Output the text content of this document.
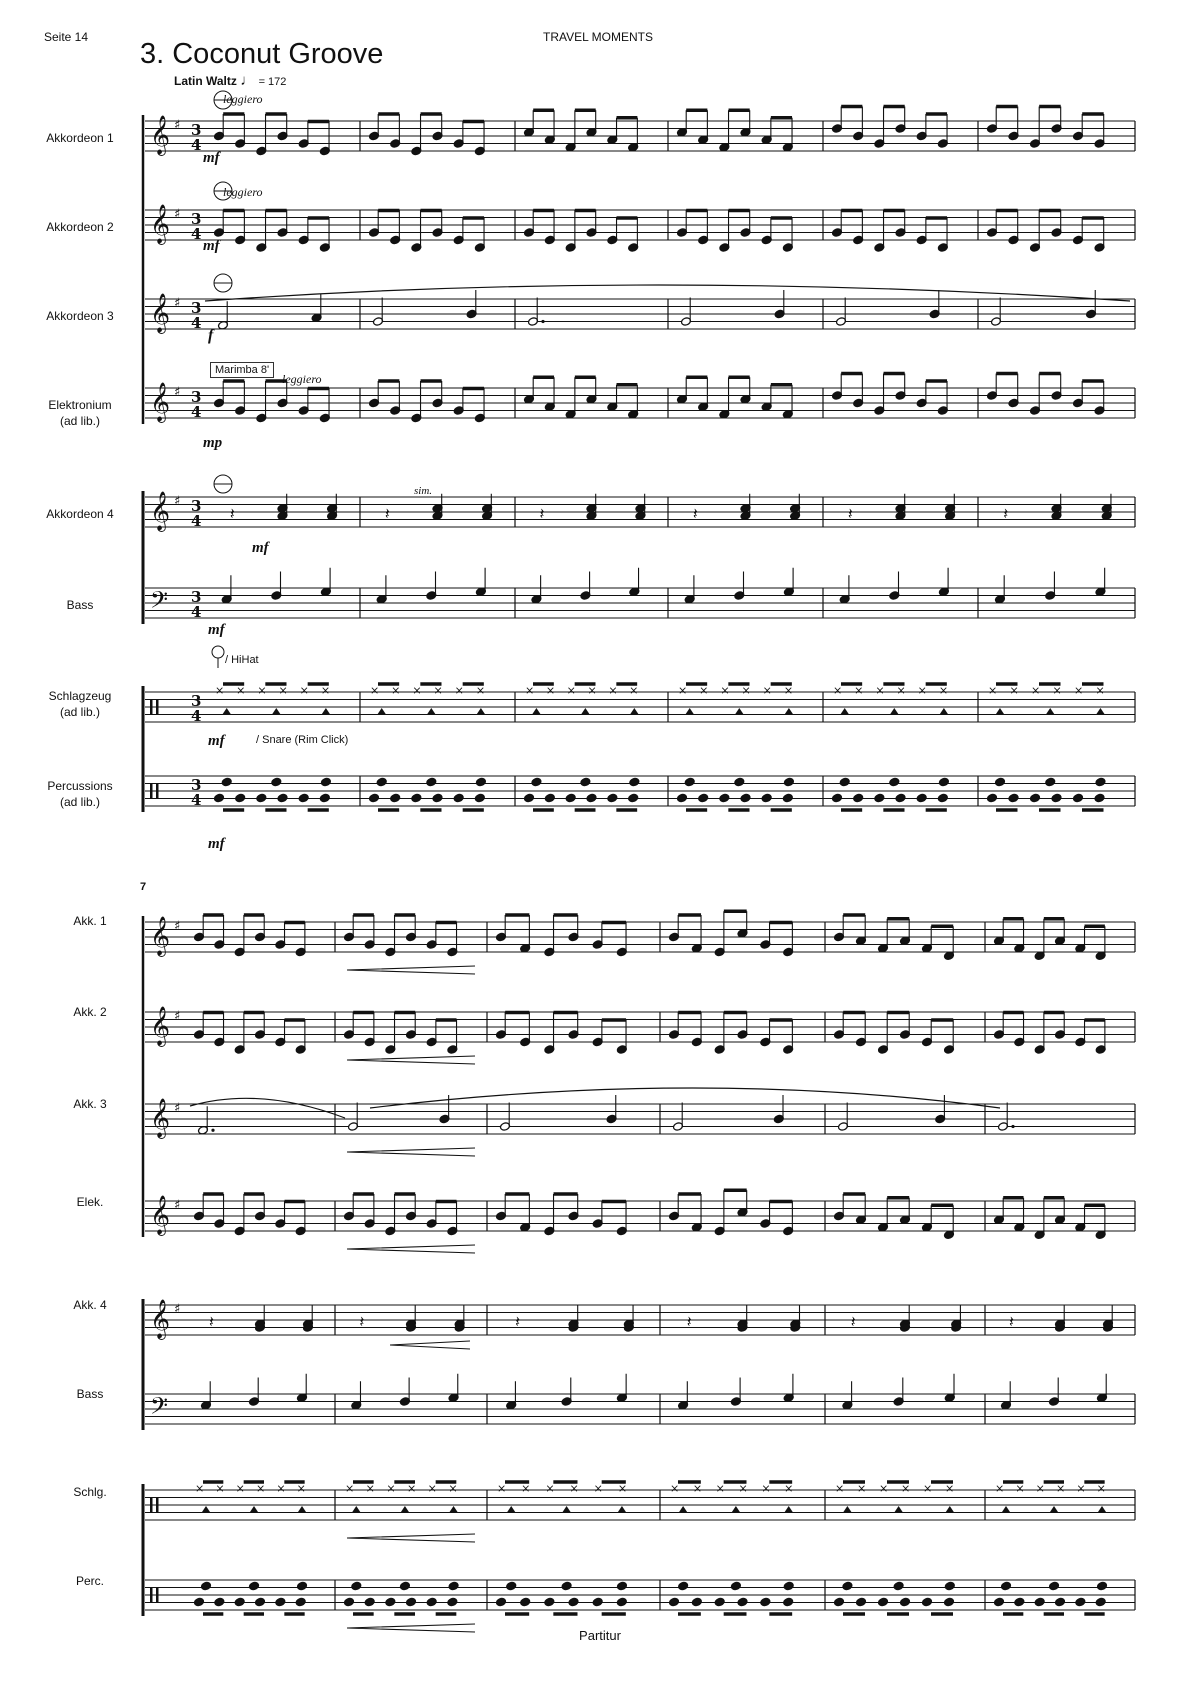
Seite 14	TRAVEL MOMENTS
3. Coconut Groove
Latin Waltz ♩ = 172
Akkordeon 1
Akkordeon 2
Akkordeon 3
Elektronium
(ad lib.)
Akkordeon 4
Bass
Schlagzeug
(ad lib.)
Percussions
(ad lib.)
7
Akk. 1
Akk. 2
Akk. 3
Elek.
Akk. 4
Bass
Schlg.
Perc.
𝄞 ♯ 3
4
𝄞 ♯ 3
4
𝄞 ♯ 3
4
𝄞 ♯ 3
4
𝄞 ♯ 3
4
𝄢 3
4
3
4
3
4
𝄽
× × × × × ×
𝄽
× × × × × ×
𝄽
× × × × × ×
𝄽
× × × × × ×
𝄽
× × × × × ×
𝄽
× × × × × ×
𝄞 ♯
𝄞 ♯
𝄞 ♯
𝄞 ♯
𝄞 ♯
𝄢
𝄽
× × × × × ×
𝄽
× × × × × ×
𝄽
× × × × × ×
𝄽
× × × × × ×
𝄽
× × × × × ×
𝄽
× × × × × ×
leggiero
leggiero
Marimba 8'
leggiero
sim.
/ HiHat
/ Snare (Rim Click)
mf
mf
f
mp
mf
mf
mf
mf
Partitur
